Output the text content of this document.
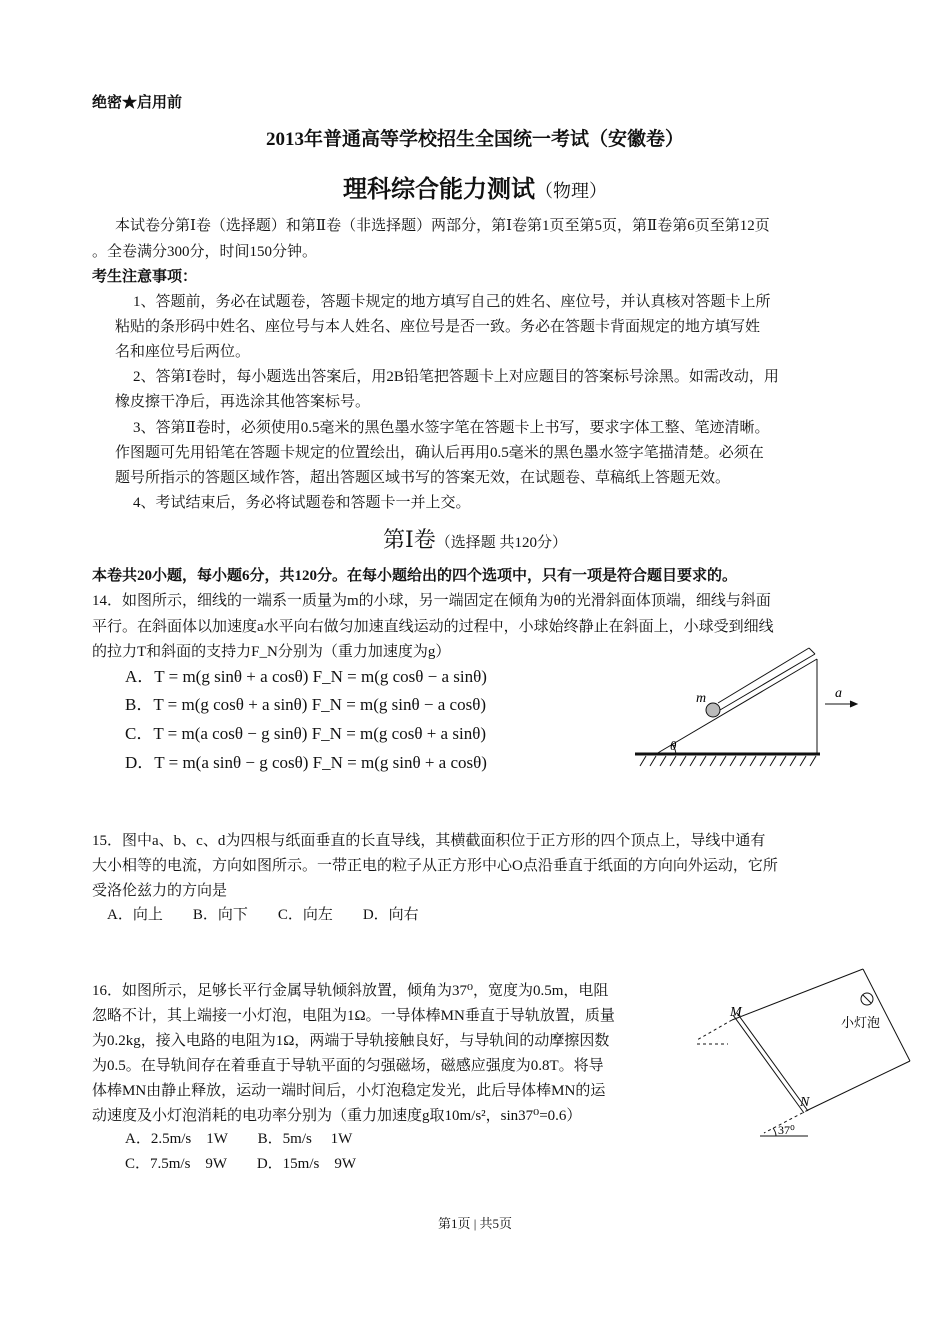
绝密★启用前
2013年普通高等学校招生全国统一考试（安徽卷）
理科综合能力测试（物理）
本试卷分第Ⅰ卷（选择题）和第Ⅱ卷（非选择题）两部分，第Ⅰ卷第1页至第5页，第Ⅱ卷第6页至第12页
。全卷满分300分，时间150分钟。
考生注意事项：
1、答题前，务必在试题卷，答题卡规定的地方填写自己的姓名、座位号，并认真核对答题卡上所
粘贴的条形码中姓名、座位号与本人姓名、座位号是否一致。务必在答题卡背面规定的地方填写姓
名和座位号后两位。
2、答第Ⅰ卷时，每小题选出答案后，用2B铅笔把答题卡上对应题目的答案标号涂黑。如需改动，用
橡皮擦干净后，再选涂其他答案标号。
3、答第Ⅱ卷时，必须使用0.5毫米的黑色墨水签字笔在答题卡上书写，要求字体工整、笔迹清晰。
作图题可先用铅笔在答题卡规定的位置绘出，确认后再用0.5毫米的黑色墨水签字笔描清楚。必须在
题号所指示的答题区域作答，超出答题区域书写的答案无效，在试题卷、草稿纸上答题无效。
4、考试结束后，务必将试题卷和答题卡一并上交。
第Ⅰ卷（选择题 共120分）
本卷共20小题，每小题6分，共120分。在每小题给出的四个选项中，只有一项是符合题目要求的。
14．如图所示，细线的一端系一质量为m的小球，另一端固定在倾角为θ的光滑斜面体顶端，细线与斜面
平行。在斜面体以加速度a水平向右做匀加速直线运动的过程中，小球始终静止在斜面上，小球受到细线
的拉力T和斜面的支持力F_N分别为（重力加速度为g）
A．T = m(g sinθ + a cosθ) F_N = m(g cosθ − a sinθ)
B．T = m(g cosθ + a sinθ) F_N = m(g sinθ − a cosθ)
C．T = m(a cosθ − g sinθ) F_N = m(g cosθ + a sinθ)
D．T = m(a sinθ − g cosθ) F_N = m(g sinθ + a cosθ)
m	a
θ
M
N
小灯泡
37⁰
15．图中a、b、c、d为四根与纸面垂直的长直导线，其横截面积位于正方形的四个顶点上，导线中通有
大小相等的电流，方向如图所示。一带正电的粒子从正方形中心O点沿垂直于纸面的方向向外运动，它所
受洛伦兹力的方向是
A．向上　　B．向下　　C．向左　　D．向右
16．如图所示，足够长平行金属导轨倾斜放置，倾角为37⁰，宽度为0.5m，电阻
忽略不计，其上端接一小灯泡，电阻为1Ω。一导体棒MN垂直于导轨放置，质量
为0.2kg，接入电路的电阻为1Ω，两端于导轨接触良好，与导轨间的动摩擦因数
为0.5。在导轨间存在着垂直于导轨平面的匀强磁场，磁感应强度为0.8T。将导
体棒MN由静止释放，运动一端时间后，小灯泡稳定发光，此后导体棒MN的运
动速度及小灯泡消耗的电功率分别为（重力加速度g取10m/s²，sin37⁰=0.6）
A．2.5m/s　1W　　B．5m/s　 1W
C．7.5m/s　9W　　D．15m/s　9W
第1页 | 共5页
